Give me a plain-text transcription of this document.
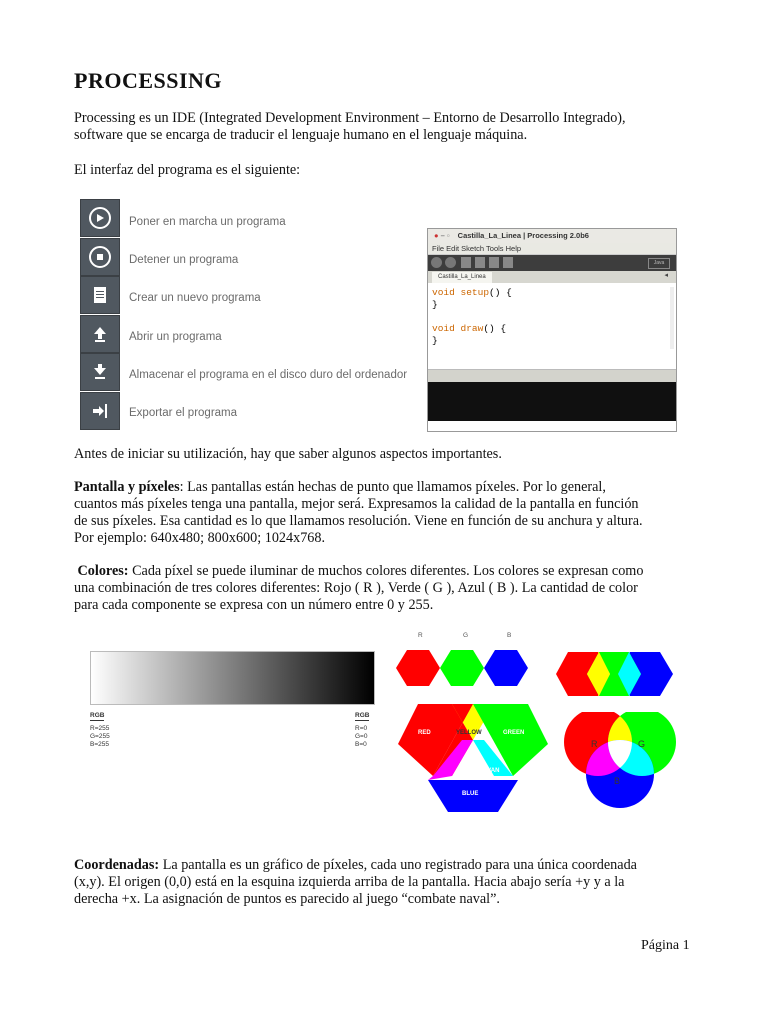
PROCESSING
Processing es un IDE (Integrated Development Environment – Entorno de Desarrollo Integrado),
software que se encarga de traducir el lenguaje humano en el lenguaje máquina.
El interfaz del programa es el siguiente:
Poner en marcha un programa
Detener un programa
Crear un nuevo programa
Abrir un programa
Almacenar el programa en el disco duro del ordenador
Exportar el programa
● – ▫ Castilla_La_Linea | Processing 2.0b6
File Edit Sketch Tools Help
Java
Castilla_La_Linea	◂
void setup() {
}

void draw() {
}
Antes de iniciar su utilización, hay que saber algunos aspectos importantes.
Pantalla y píxeles: Las pantallas están hechas de punto que llamamos píxeles. Por lo general,
cuantos más píxeles tenga una pantalla, mejor será. Expresamos la calidad de la pantalla en función
de sus píxeles. Esa cantidad es lo que llamamos resolución. Viene en función de su anchura y altura.
Por ejemplo: 640x480; 800x600; 1024x768.
Colores: Cada píxel se puede iluminar de muchos colores diferentes. Los colores se expresan como
una combinación de tres colores diferentes: Rojo ( R ), Verde ( G ), Azul ( B ). La cantidad de color
para cada componente se expresa con un número entre 0 y 255.
RGB
R=255
G=255
B=255
RGB
R=0
G=0
B=0
R	G	B
RED	YELLOW	GREEN
CYAN
BLUE
R	G
B
Coordenadas: La pantalla es un gráfico de píxeles, cada uno registrado para una única coordenada
(x,y). El origen (0,0) está en la esquina izquierda arriba de la pantalla. Hacia abajo sería +y y a la
derecha +x. La asignación de puntos es parecido al juego “combate naval”.
Página 1
